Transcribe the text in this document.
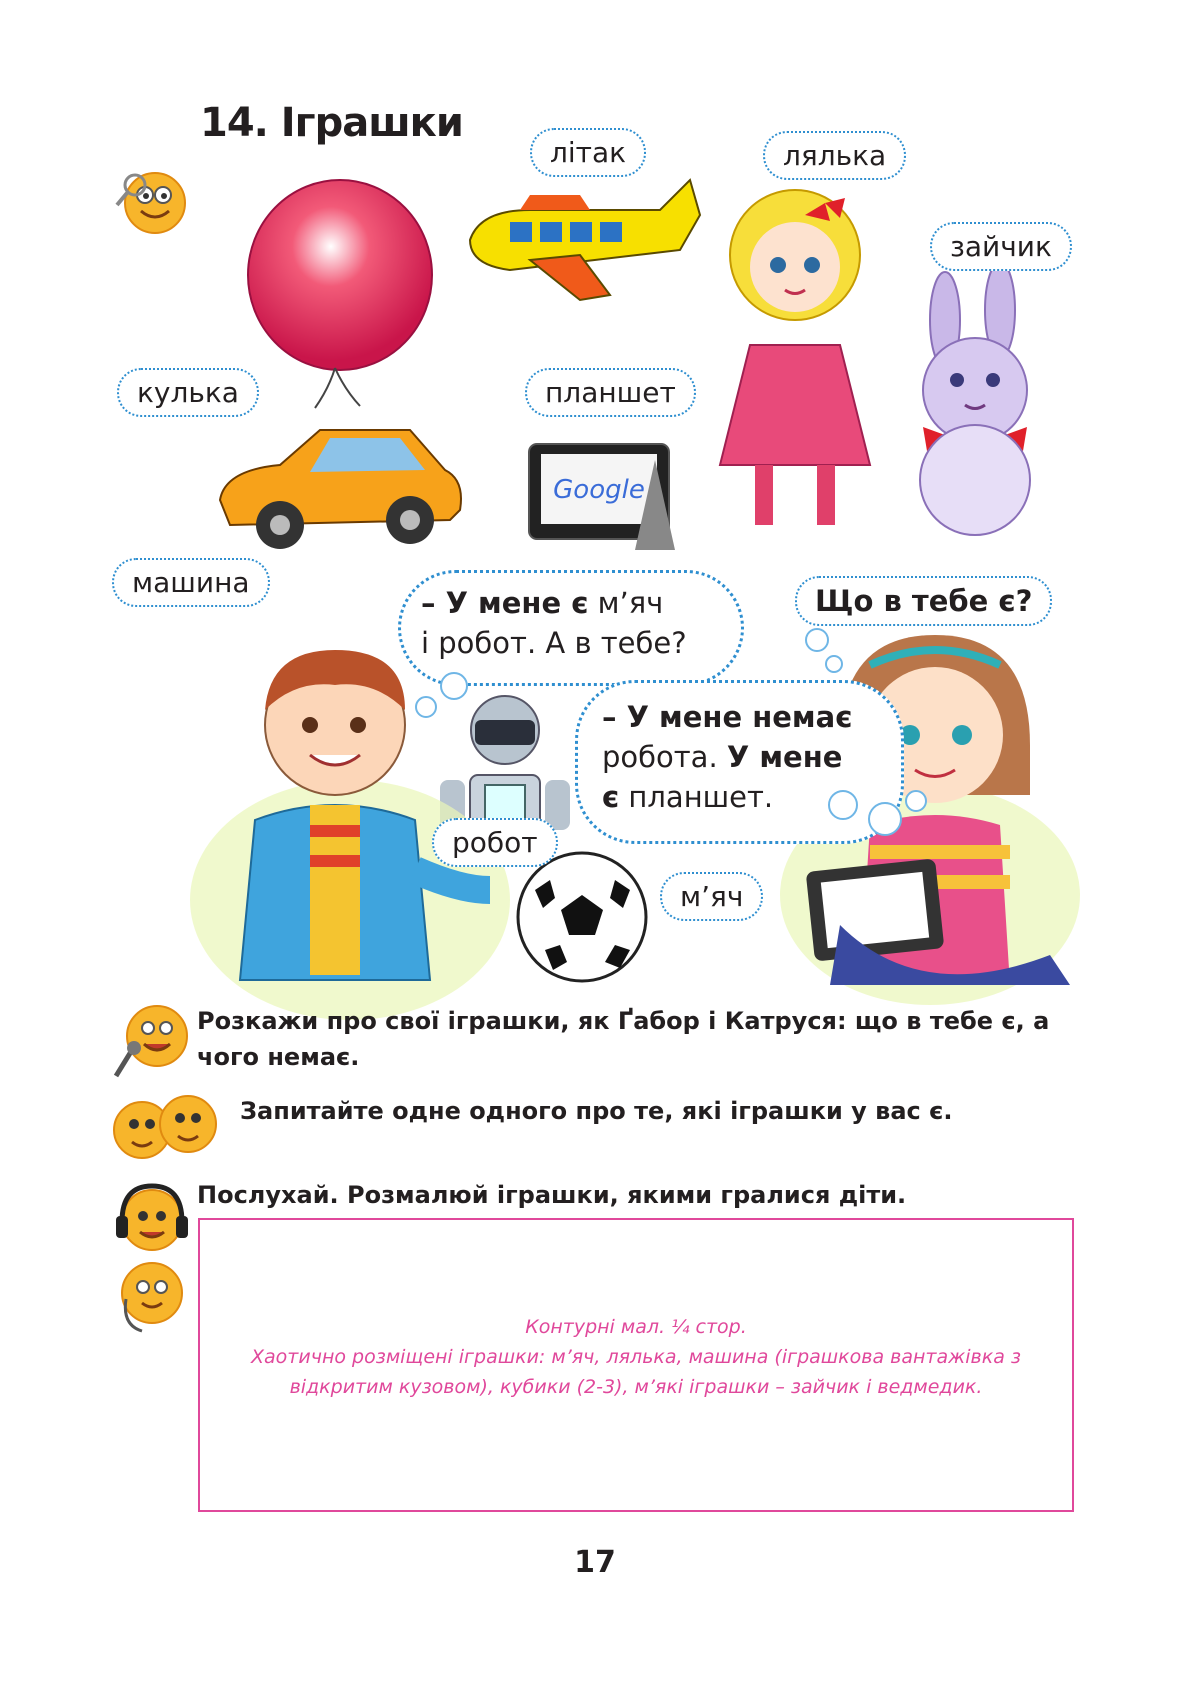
14. Іграшки
Google
літак	лялька
зайчик
кулька	планшет
машина
робот
м’яч
– У мене є м’яч
і робот. А в тебе?
Що в тебе є?
– У мене немає
робота. У мене
є планшет.
Розкажи про свої іграшки, як Ґабор і Катруся: що в тебе є, а чого немає.
Запитайте одне одного про те, які іграшки у вас є.
Послухай. Розмалюй іграшки, якими гралися діти.
Контурні мал. ¼ стор.
Хаотично розміщені іграшки: м’яч, лялька, машина (іграшкова вантажівка з
відкритим кузовом), кубики (2-3), м’які іграшки – зайчик і ведмедик.
17
